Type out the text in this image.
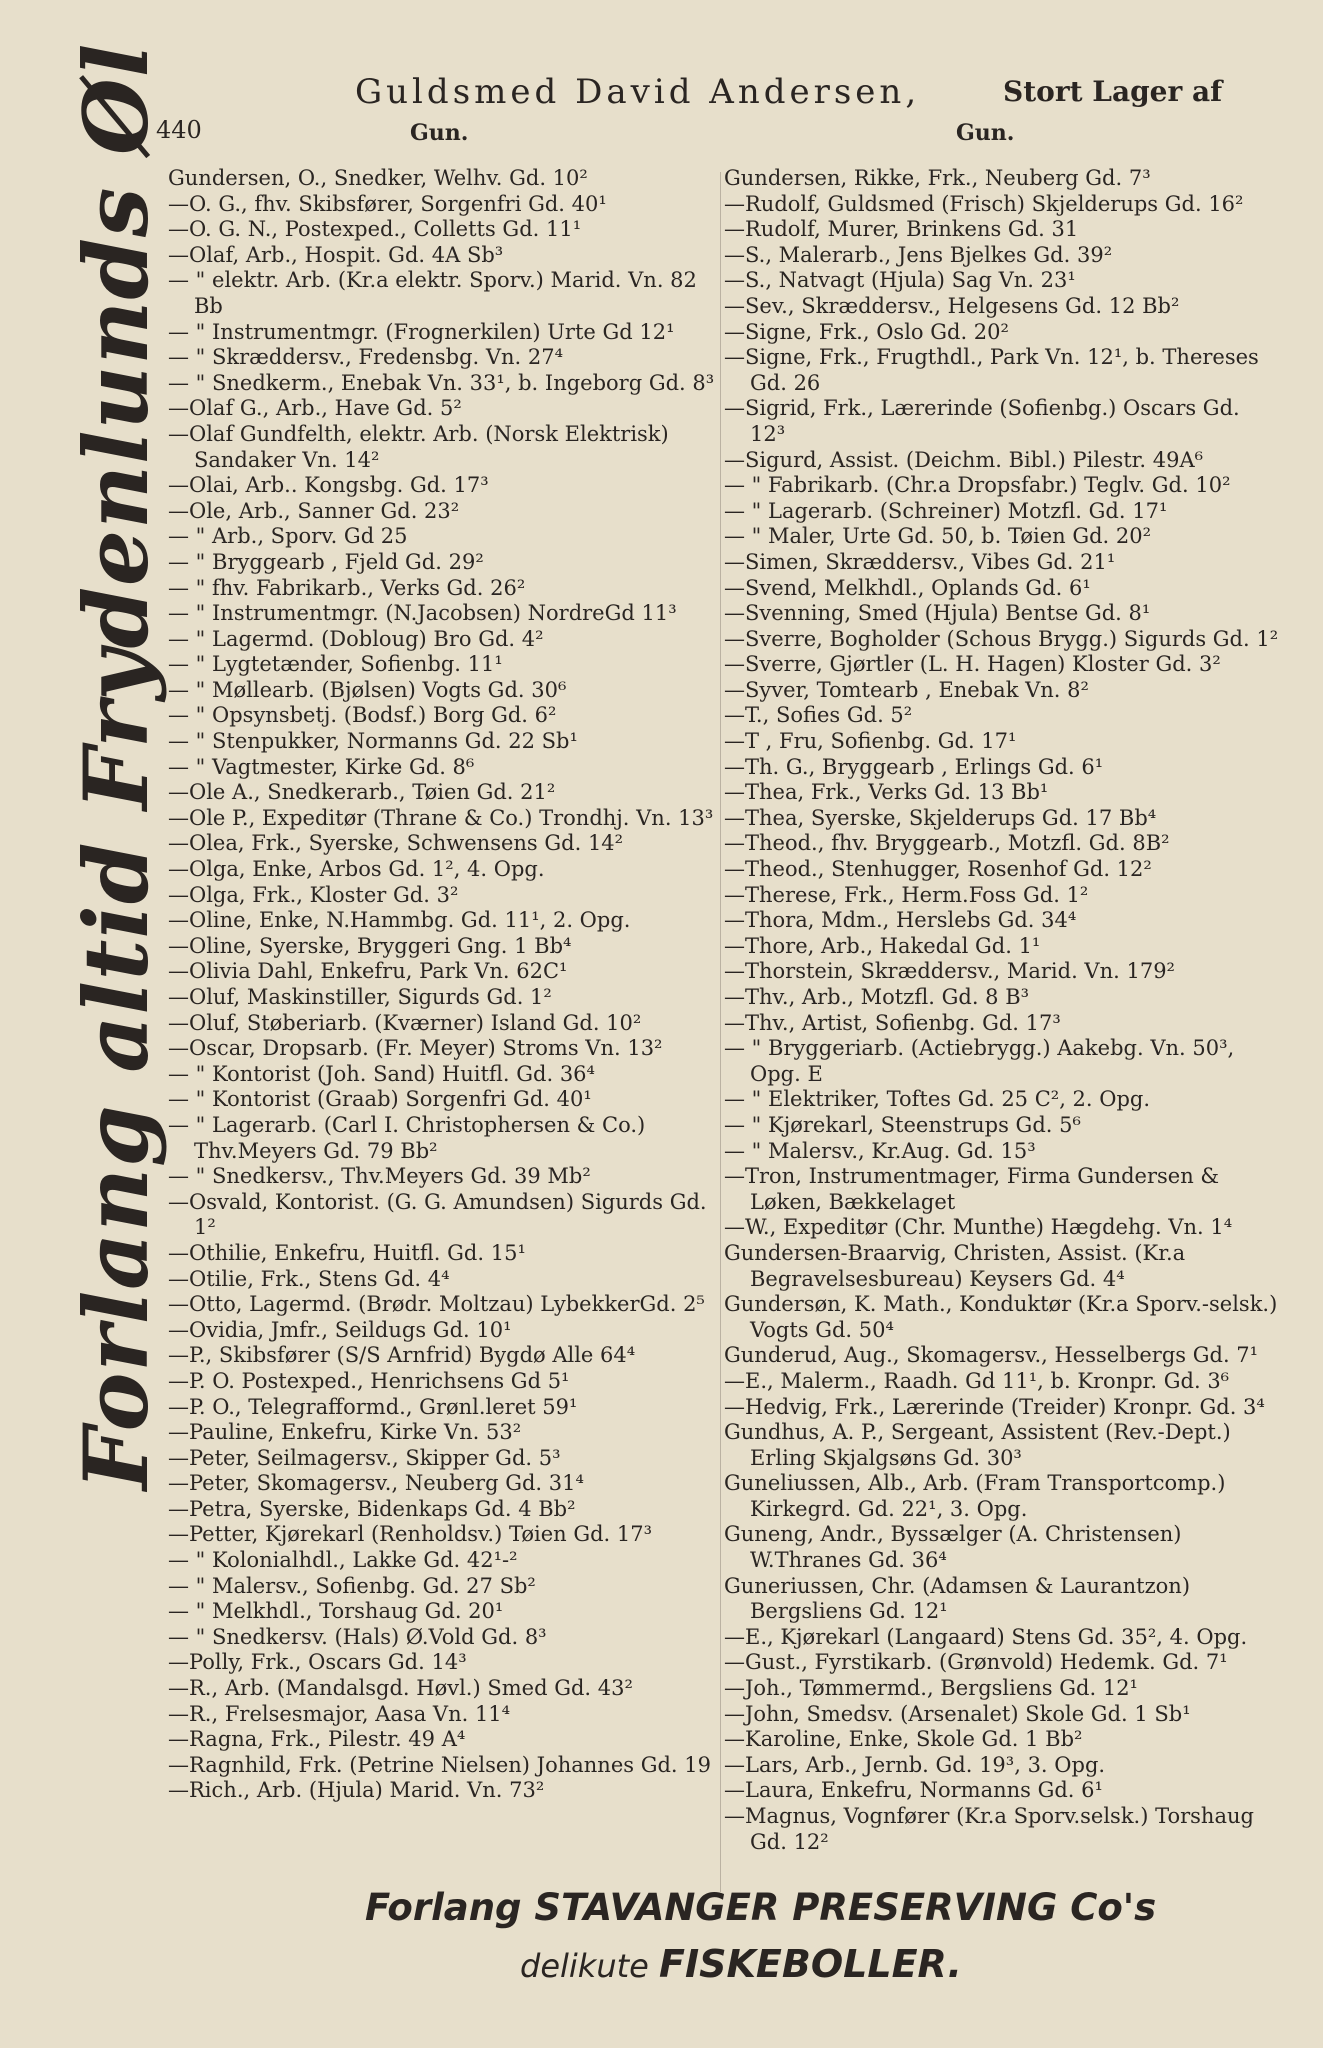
440
Guldsmed David Andersen,	Stort Lager af
Gun.	Gun.
Forlang altid Frydenlunds Øl Gundersen, O., Snedker, Welhv. Gd. 10²
—O. G., fhv. Skibsfører, Sorgenfri Gd. 40¹
—O. G. N., Postexped., Colletts Gd. 11¹
—Olaf, Arb., Hospit. Gd. 4A Sb³
— " elektr. Arb. (Kr.a elektr. Sporv.) Marid. Vn. 82 Bb
— " Instrumentmgr. (Frognerkilen) Urte Gd 12¹
— " Skræddersv., Fredensbg. Vn. 27⁴
— " Snedkerm., Enebak Vn. 33¹, b. Ingeborg Gd. 8³
—Olaf G., Arb., Have Gd. 5²
—Olaf Gundfelth, elektr. Arb. (Norsk Elektrisk) Sandaker Vn. 14²
—Olai, Arb.. Kongsbg. Gd. 17³
—Ole, Arb., Sanner Gd. 23²
— " Arb., Sporv. Gd 25
— " Bryggearb , Fjeld Gd. 29²
— " fhv. Fabrikarb., Verks Gd. 26²
— " Instrumentmgr. (N.Jacobsen) NordreGd 11³
— " Lagermd. (Dobloug) Bro Gd. 4²
— " Lygtetænder, Sofienbg. 11¹
— " Møllearb. (Bjølsen) Vogts Gd. 30⁶
— " Opsynsbetj. (Bodsf.) Borg Gd. 6²
— " Stenpukker, Normanns Gd. 22 Sb¹
— " Vagtmester, Kirke Gd. 8⁶
—Ole A., Snedkerarb., Tøien Gd. 21²
—Ole P., Expeditør (Thrane & Co.) Trondhj. Vn. 13³
—Olea, Frk., Syerske, Schwensens Gd. 14²
—Olga, Enke, Arbos Gd. 1², 4. Opg.
—Olga, Frk., Kloster Gd. 3²
—Oline, Enke, N.Hammbg. Gd. 11¹, 2. Opg.
—Oline, Syerske, Bryggeri Gng. 1 Bb⁴
—Olivia Dahl, Enkefru, Park Vn. 62C¹
—Oluf, Maskinstiller, Sigurds Gd. 1²
—Oluf, Støberiarb. (Kværner) Island Gd. 10²
—Oscar, Dropsarb. (Fr. Meyer) Stroms Vn. 13²
— " Kontorist (Joh. Sand) Huitfl. Gd. 36⁴
— " Kontorist (Graab) Sorgenfri Gd. 40¹
— " Lagerarb. (Carl I. Christophersen & Co.) Thv.Meyers Gd. 79 Bb²
— " Snedkersv., Thv.Meyers Gd. 39 Mb²
—Osvald, Kontorist. (G. G. Amundsen) Sigurds Gd. 1²
—Othilie, Enkefru, Huitfl. Gd. 15¹
—Otilie, Frk., Stens Gd. 4⁴
—Otto, Lagermd. (Brødr. Moltzau) LybekkerGd. 2⁵
—Ovidia, Jmfr., Seildugs Gd. 10¹
—P., Skibsfører (S/S Arnfrid) Bygdø Alle 64⁴
—P. O. Postexped., Henrichsens Gd 5¹
—P. O., Telegrafformd., Grønl.leret 59¹
—Pauline, Enkefru, Kirke Vn. 53²
—Peter, Seilmagersv., Skipper Gd. 5³
—Peter, Skomagersv., Neuberg Gd. 31⁴
—Petra, Syerske, Bidenkaps Gd. 4 Bb²
—Petter, Kjørekarl (Renholdsv.) Tøien Gd. 17³
— " Kolonialhdl., Lakke Gd. 42¹-²
— " Malersv., Sofienbg. Gd. 27 Sb²
— " Melkhdl., Torshaug Gd. 20¹
— " Snedkersv. (Hals) Ø.Vold Gd. 8³
—Polly, Frk., Oscars Gd. 14³
—R., Arb. (Mandalsgd. Høvl.) Smed Gd. 43²
—R., Frelsesmajor, Aasa Vn. 11⁴
—Ragna, Frk., Pilestr. 49 A⁴
—Ragnhild, Frk. (Petrine Nielsen) Johannes Gd. 19
—Rich., Arb. (Hjula) Marid. Vn. 73²
Gundersen, Rikke, Frk., Neuberg Gd. 7³
—Rudolf, Guldsmed (Frisch) Skjelderups Gd. 16²
—Rudolf, Murer, Brinkens Gd. 31
—S., Malerarb., Jens Bjelkes Gd. 39²
—S., Natvagt (Hjula) Sag Vn. 23¹
—Sev., Skræddersv., Helgesens Gd. 12 Bb²
—Signe, Frk., Oslo Gd. 20²
—Signe, Frk., Frugthdl., Park Vn. 12¹, b. Thereses Gd. 26
—Sigrid, Frk., Lærerinde (Sofienbg.) Oscars Gd. 12³
—Sigurd, Assist. (Deichm. Bibl.) Pilestr. 49A⁶
— " Fabrikarb. (Chr.a Dropsfabr.) Teglv. Gd. 10²
— " Lagerarb. (Schreiner) Motzfl. Gd. 17¹
— " Maler, Urte Gd. 50, b. Tøien Gd. 20²
—Simen, Skræddersv., Vibes Gd. 21¹
—Svend, Melkhdl., Oplands Gd. 6¹
—Svenning, Smed (Hjula) Bentse Gd. 8¹
—Sverre, Bogholder (Schous Brygg.) Sigurds Gd. 1²
—Sverre, Gjørtler (L. H. Hagen) Kloster Gd. 3²
—Syver, Tomtearb , Enebak Vn. 8²
—T., Sofies Gd. 5²
—T , Fru, Sofienbg. Gd. 17¹
—Th. G., Bryggearb , Erlings Gd. 6¹
—Thea, Frk., Verks Gd. 13 Bb¹
—Thea, Syerske, Skjelderups Gd. 17 Bb⁴
—Theod., fhv. Bryggearb., Motzfl. Gd. 8B²
—Theod., Stenhugger, Rosenhof Gd. 12²
—Therese, Frk., Herm.Foss Gd. 1²
—Thora, Mdm., Herslebs Gd. 34⁴
—Thore, Arb., Hakedal Gd. 1¹
—Thorstein, Skræddersv., Marid. Vn. 179²
—Thv., Arb., Motzfl. Gd. 8 B³
—Thv., Artist, Sofienbg. Gd. 17³
— " Bryggeriarb. (Actiebrygg.) Aakebg. Vn. 50³, Opg. E
— " Elektriker, Toftes Gd. 25 C², 2. Opg.
— " Kjørekarl, Steenstrups Gd. 5⁶
— " Malersv., Kr.Aug. Gd. 15³
—Tron, Instrumentmager, Firma Gundersen & Løken, Bækkelaget
—W., Expeditør (Chr. Munthe) Hægdehg. Vn. 1⁴
Gundersen-Braarvig, Christen, Assist. (Kr.a Begravelsesbureau) Keysers Gd. 4⁴
Gundersøn, K. Math., Konduktør (Kr.a Sporv.-selsk.) Vogts Gd. 50⁴
Gunderud, Aug., Skomagersv., Hesselbergs Gd. 7¹
—E., Malerm., Raadh. Gd 11¹, b. Kronpr. Gd. 3⁶
—Hedvig, Frk., Lærerinde (Treider) Kronpr. Gd. 3⁴
Gundhus, A. P., Sergeant, Assistent (Rev.-Dept.) Erling Skjalgsøns Gd. 30³
Guneliussen, Alb., Arb. (Fram Transportcomp.) Kirkegrd. Gd. 22¹, 3. Opg.
Guneng, Andr., Byssælger (A. Christensen) W.Thranes Gd. 36⁴
Guneriussen, Chr. (Adamsen & Laurantzon) Bergsliens Gd. 12¹
—E., Kjørekarl (Langaard) Stens Gd. 35², 4. Opg.
—Gust., Fyrstikarb. (Grønvold) Hedemk. Gd. 7¹
—Joh., Tømmermd., Bergsliens Gd. 12¹
—John, Smedsv. (Arsenalet) Skole Gd. 1 Sb¹
—Karoline, Enke, Skole Gd. 1 Bb²
—Lars, Arb., Jernb. Gd. 19³, 3. Opg.
—Laura, Enkefru, Normanns Gd. 6¹
—Magnus, Vognfører (Kr.a Sporv.selsk.) Torshaug Gd. 12²
Forlang STAVANGER PRESERVING Co's
delikute FISKEBOLLER.
